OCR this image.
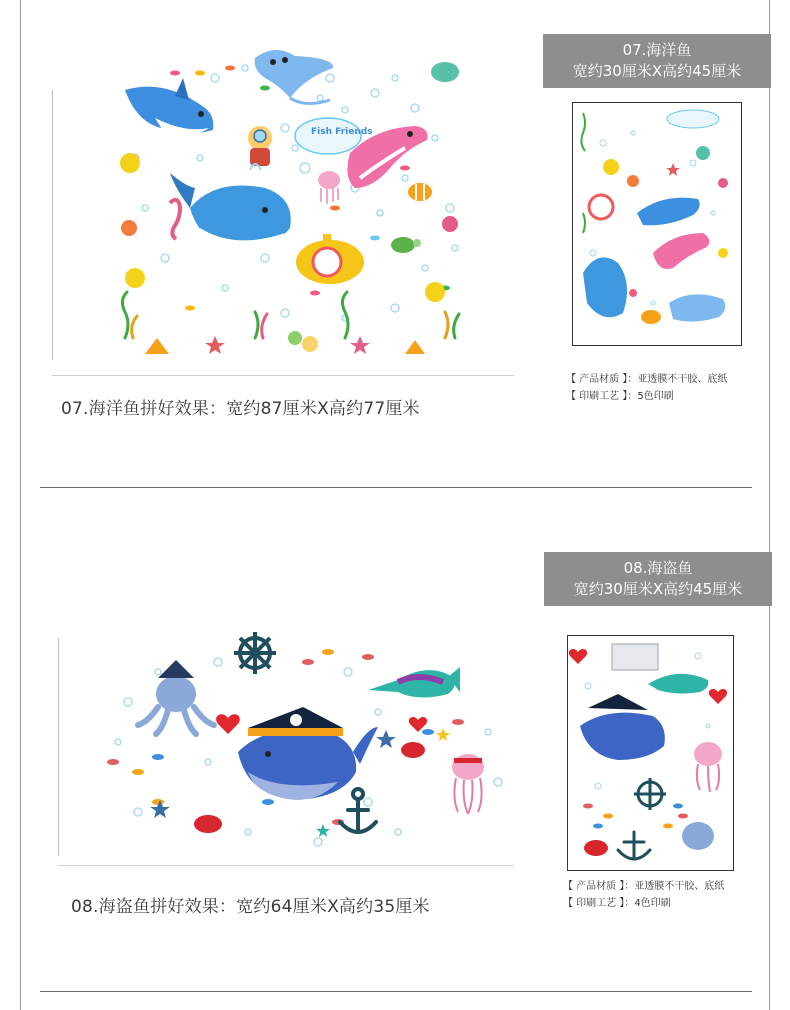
Fish Friends
07.海洋鱼拼好效果：宽约87厘米X高约77厘米
07.海洋鱼
宽约30厘米X高约45厘米
【 产品材质 】：亚透膜不干胶、底纸
【 印刷工艺 】：5色印刷
08.海盗鱼拼好效果：宽约64厘米X高约35厘米
08.海盗鱼
宽约30厘米X高约45厘米
【 产品材质 】：亚透膜不干胶、底纸
【 印刷工艺 】：4色印刷
